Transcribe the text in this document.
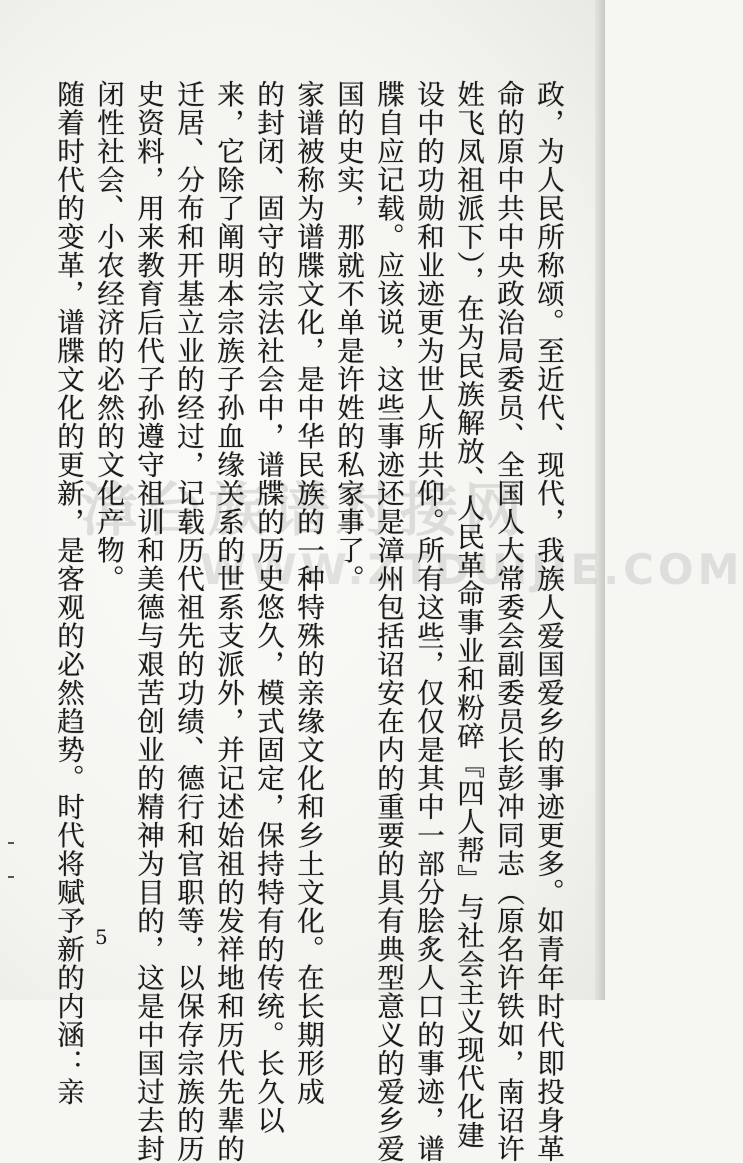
漳台族谱对接网
WWW.ZTDUIJIE.COM
政，为人民所称颂。至近代、现代，我族人爱国爱乡的事迹更多。如青年时代即投身革
命的原中共中央政治局委员、全国人大常委会副委员长彭冲同志（原名许铁如，南诏许
姓飞凤祖派下），在为民族解放、人民革命事业和粉碎『四人帮』与社会主义现代化建
设中的功勋和业迹更为世人所共仰。所有这些，仅仅是其中一部分脍炙人口的事迹，谱
牒自应记载。应该说，这些事迹还是漳州包括诏安在内的重要的具有典型意义的爱乡爱
国的史实，那就不单是许姓的私家事了。
家谱被称为谱牒文化，是中华民族的一种特殊的亲缘文化和乡土文化。在长期形成
的封闭、固守的宗法社会中，谱牒的历史悠久，模式固定，保持特有的传统。长久以
来，它除了阐明本宗族子孙血缘关系的世系支派外，并记述始祖的发祥地和历代先辈的
迁居、分布和开基立业的经过，记载历代祖先的功绩、德行和官职等，以保存宗族的历
史资料，用来教育后代子孙遵守祖训和美德与艰苦创业的精神为目的，这是中国过去封
闭性社会、小农经济的必然的文化产物。
随着时代的变革，谱牒文化的更新，是客观的必然趋势。时代将赋予新的内涵：亲 5
